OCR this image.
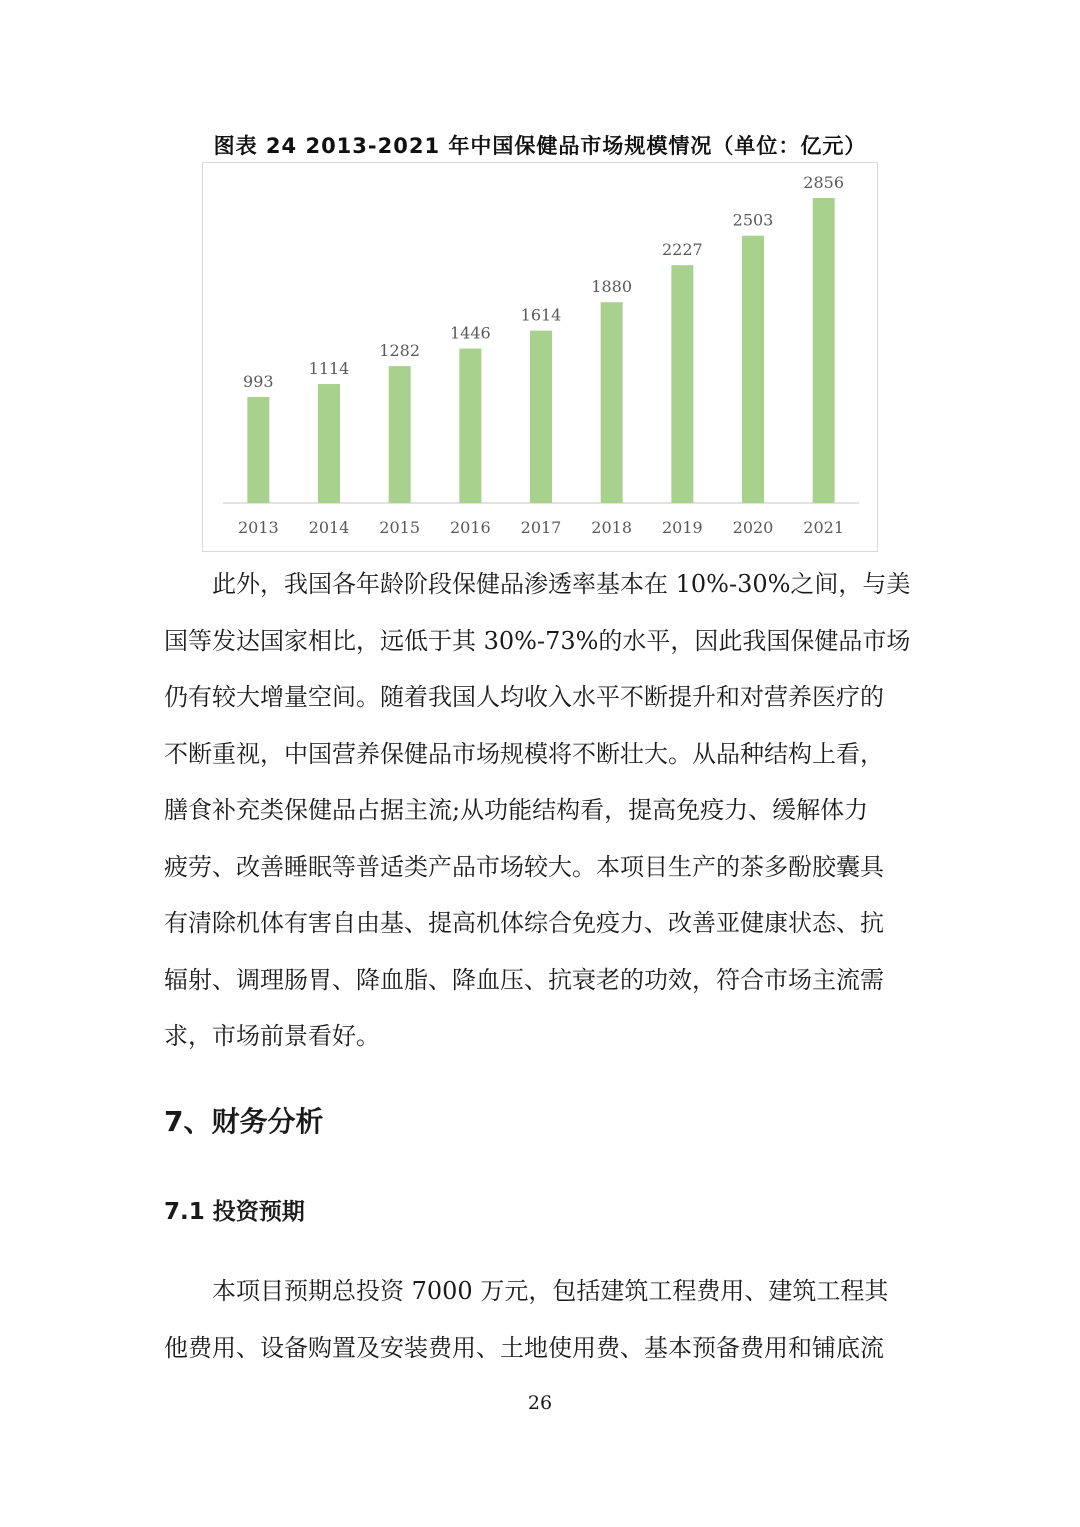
图表 24 2013-2021 年中国保健品市场规模情况（单位：亿元）
993
2013
1114
2014
1282
2015
1446
2016
1614
2017
1880
2018
2227
2019
2503
2020
2856
2021
此外，我国各年龄阶段保健品渗透率基本在 10%-30%之间，与美
国等发达国家相比，远低于其 30%-73%的水平，因此我国保健品市场
仍有较大增量空间。随着我国人均收入水平不断提升和对营养医疗的
不断重视，中国营养保健品市场规模将不断壮大。从品种结构上看，
膳食补充类保健品占据主流;从功能结构看，提高免疫力、缓解体力
疲劳、改善睡眠等普适类产品市场较大。本项目生产的茶多酚胶囊具
有清除机体有害自由基、提高机体综合免疫力、改善亚健康状态、抗
辐射、调理肠胃、降血脂、降血压、抗衰老的功效，符合市场主流需
求，市场前景看好。
7、财务分析
7.1 投资预期
本项目预期总投资 7000 万元，包括建筑工程费用、建筑工程其
他费用、设备购置及安装费用、土地使用费、基本预备费用和铺底流
26
